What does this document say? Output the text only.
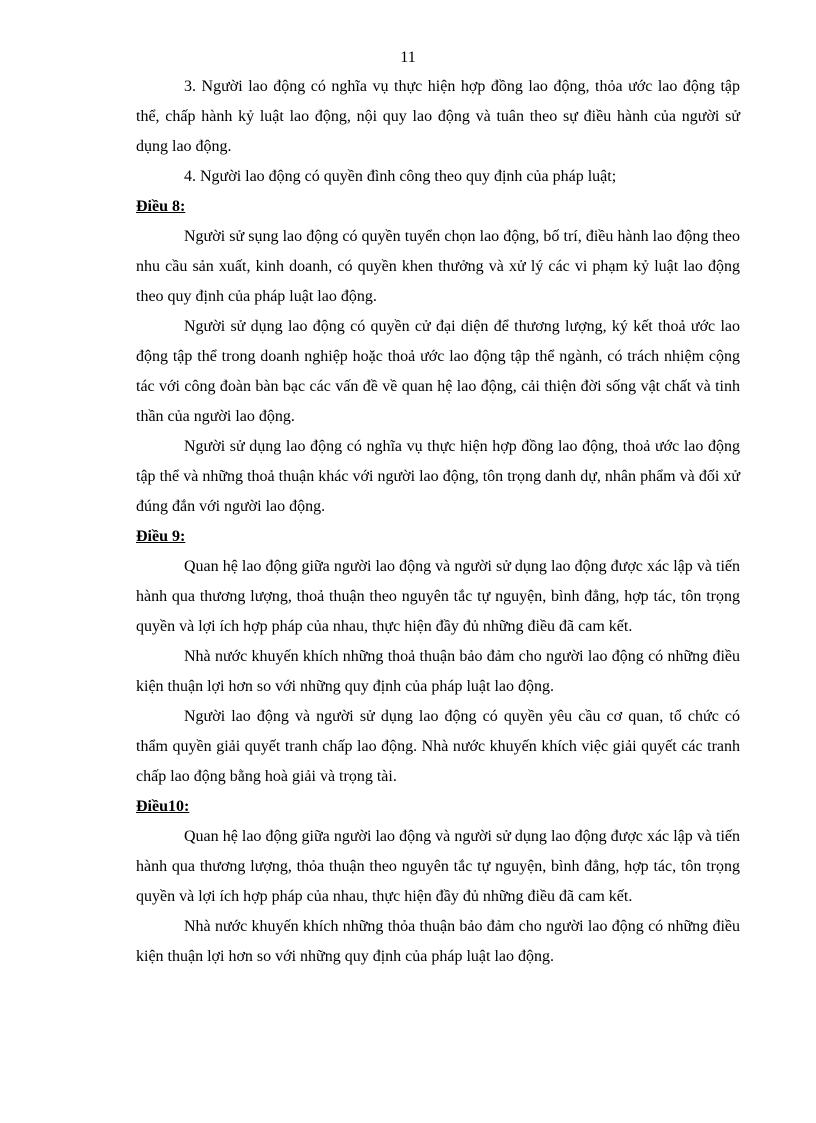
11

3. Người lao động có nghĩa vụ thực hiện hợp đồng lao động, thỏa ước lao động tập thể, chấp hành kỷ luật lao động, nội quy lao động và tuân theo sự điều hành của người sử dụng lao động.

4. Người lao động có quyền đình công theo quy định của pháp luật;

Điều 8:

Người sử sụng lao động có quyền tuyển chọn lao động, bố trí, điều hành lao động theo nhu cầu sản xuất, kinh doanh, có quyền khen thưởng và xử lý các vi phạm kỷ luật lao động theo quy định của pháp luật lao động.

Người sử dụng lao động có quyền cử đại diện để thương lượng, ký kết thoả ước lao động tập thể trong doanh nghiệp hoặc thoả ước lao động tập thể ngành, có trách nhiệm cộng tác với công đoàn bàn bạc các vấn đề về quan hệ lao động, cải thiện đời sống vật chất và tinh thần của người lao động.

Người sử dụng lao động có nghĩa vụ thực hiện hợp đồng lao động, thoả ước lao động tập thể và những thoả thuận khác với người lao động, tôn trọng danh dự, nhân phẩm và đối xử đúng đắn với người lao động.

Điều 9:

Quan hệ lao động giữa người lao động và người sử dụng lao động được xác lập và tiến hành qua thương lượng, thoả thuận theo nguyên tắc tự nguyện, bình đẳng, hợp tác, tôn trọng quyền và lợi ích hợp pháp của nhau, thực hiện đầy đủ những điều đã cam kết.

Nhà nước khuyến khích những thoả thuận bảo đảm cho người lao động có những điều kiện thuận lợi hơn so với những quy định của pháp luật lao động.

Người lao động và người sử dụng lao động có quyền yêu cầu cơ quan, tổ chức có thẩm quyền giải quyết tranh chấp lao động. Nhà nước khuyến khích việc giải quyết các tranh chấp lao động bằng hoà giải và trọng tài.

Điều10:

Quan hệ lao động giữa người lao động và người sử dụng lao động được xác lập và tiến hành qua thương lượng, thỏa thuận theo nguyên tắc tự nguyện, bình đẳng, hợp tác, tôn trọng quyền và lợi ích hợp pháp của nhau, thực hiện đầy đủ những điều đã cam kết.

Nhà nước khuyến khích những thỏa thuận bảo đảm cho người lao động có những điều kiện thuận lợi hơn so với những quy định của pháp luật lao động.
